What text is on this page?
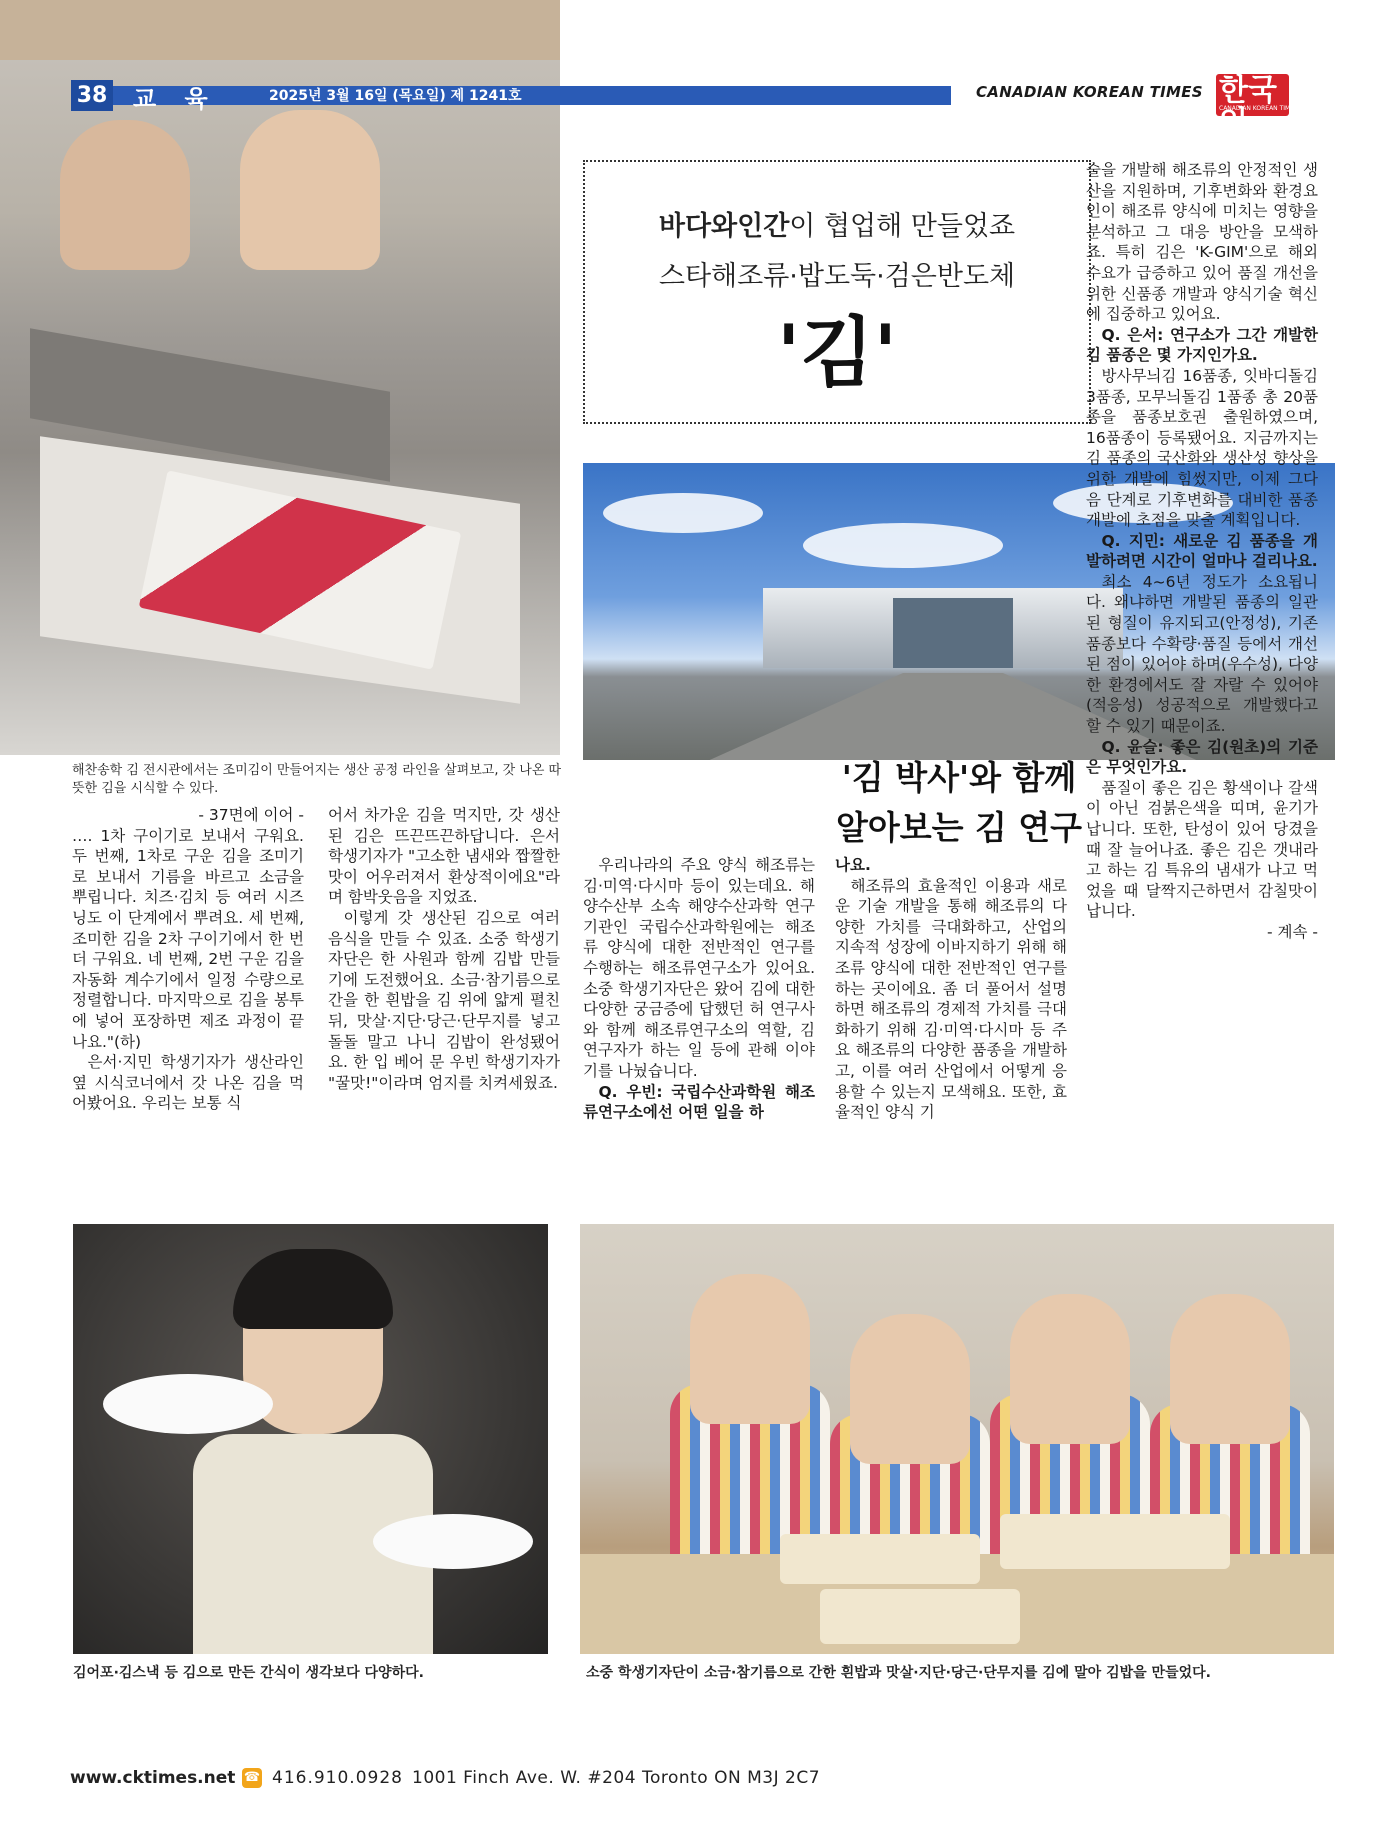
38 교 육	2025년 3월 16일 (목요일) 제 1241호	CANADIAN KOREAN TIMES 한국인
CANADIAN KOREAN TIMES WEEKLY
바다와인간이 협업해 만들었죠
스타해조류·밥도둑·검은반도체
'김'
해찬송학 김 전시관에서는 조미김이 만들어지는 생산 공정 라인을 살펴보고, 갓 나온 따뜻한 김을 시식할 수 있다.	'김 박사'와 함께
알아보는 김 연구

- 37면에 이어 -

…. 1차 구이기로 보내서 구워요. 두 번째, 1차로 구운 김을 조미기로 보내서 기름을 바르고 소금을 뿌립니다. 치즈·김치 등 여러 시즈닝도 이 단계에서 뿌려요. 세 번째, 조미한 김을 2차 구이기에서 한 번 더 구워요. 네 번째, 2번 구운 김을 자동화 계수기에서 일정 수량으로 정렬합니다. 마지막으로 김을 봉투에 넣어 포장하면 제조 과정이 끝나요."(하)

은서·지민 학생기자가 생산라인 옆 시식코너에서 갓 나온 김을 먹어봤어요. 우리는 보통 식

어서 차가운 김을 먹지만, 갓 생산된 김은 뜨끈뜨끈하답니다. 은서 학생기자가 "고소한 냄새와 짭짤한 맛이 어우러져서 환상적이에요"라며 함박웃음을 지었죠.

이렇게 갓 생산된 김으로 여러 음식을 만들 수 있죠. 소중 학생기자단은 한 사원과 함께 김밥 만들기에 도전했어요. 소금·참기름으로 간을 한 흰밥을 김 위에 얇게 펼친 뒤, 맛살·지단·당근·단무지를 넣고 돌돌 말고 나니 김밥이 완성됐어요. 한 입 베어 문 우빈 학생기자가 "꿀맛!"이라며 엄지를 치켜세웠죠.

우리나라의 주요 양식 해조류는 김·미역·다시마 등이 있는데요. 해양수산부 소속 해양수산과학 연구기관인 국립수산과학원에는 해조류 양식에 대한 전반적인 연구를 수행하는 해조류연구소가 있어요. 소중 학생기자단은 왔어 김에 대한 다양한 궁금증에 답했던 허 연구사와 함께 해조류연구소의 역할, 김 연구자가 하는 일 등에 관해 이야기를 나눴습니다.

Q. 우빈: 국립수산과학원 해조류연구소에선 어떤 일을 하

나요.

해조류의 효율적인 이용과 새로운 기술 개발을 통해 해조류의 다양한 가치를 극대화하고, 산업의 지속적 성장에 이바지하기 위해 해조류 양식에 대한 전반적인 연구를 하는 곳이에요. 좀 더 풀어서 설명하면 해조류의 경제적 가치를 극대화하기 위해 김·미역·다시마 등 주요 해조류의 다양한 품종을 개발하고, 이를 여러 산업에서 어떻게 응용할 수 있는지 모색해요. 또한, 효율적인 양식 기

술을 개발해 해조류의 안정적인 생산을 지원하며, 기후변화와 환경요인이 해조류 양식에 미치는 영향을 분석하고 그 대응 방안을 모색하죠. 특히 김은 'K-GIM'으로 해외 수요가 급증하고 있어 품질 개선을 위한 신품종 개발과 양식기술 혁신에 집중하고 있어요.

Q. 은서: 연구소가 그간 개발한 김 품종은 몇 가지인가요.

방사무늬김 16품종, 잇바디돌김 3품종, 모무늬돌김 1품종 총 20품종을 품종보호권 출원하였으며, 16품종이 등록됐어요. 지금까지는 김 품종의 국산화와 생산성 향상을 위한 개발에 힘썼지만, 이제 그다음 단계로 기후변화를 대비한 품종 개발에 초점을 맞출 계획입니다.

Q. 지민: 새로운 김 품종을 개발하려면 시간이 얼마나 걸리나요.

최소 4~6년 정도가 소요됩니다. 왜냐하면 개발된 품종의 일관된 형질이 유지되고(안정성), 기존 품종보다 수확량·품질 등에서 개선된 점이 있어야 하며(우수성), 다양한 환경에서도 잘 자랄 수 있어야(적응성) 성공적으로 개발했다고 할 수 있기 때문이죠.

Q. 윤슬: 좋은 김(원초)의 기준은 무엇인가요.

품질이 좋은 김은 황색이나 갈색이 아닌 검붉은색을 띠며, 윤기가 납니다. 또한, 탄성이 있어 당겼을 때 잘 늘어나죠. 좋은 김은 갯내라고 하는 김 특유의 냄새가 나고 먹었을 때 달짝지근하면서 감칠맛이 납니다.

- 계속 -

김어포·김스낵 등 김으로 만든 간식이 생각보다 다양하다.	소중 학생기자단이 소금·참기름으로 간한 흰밥과 맛살·지단·당근·단무지를 김에 말아 김밥을 만들었다.
www.cktimes.net ☎ 416.910.0928 1001 Finch Ave. W. #204 Toronto ON M3J 2C7
